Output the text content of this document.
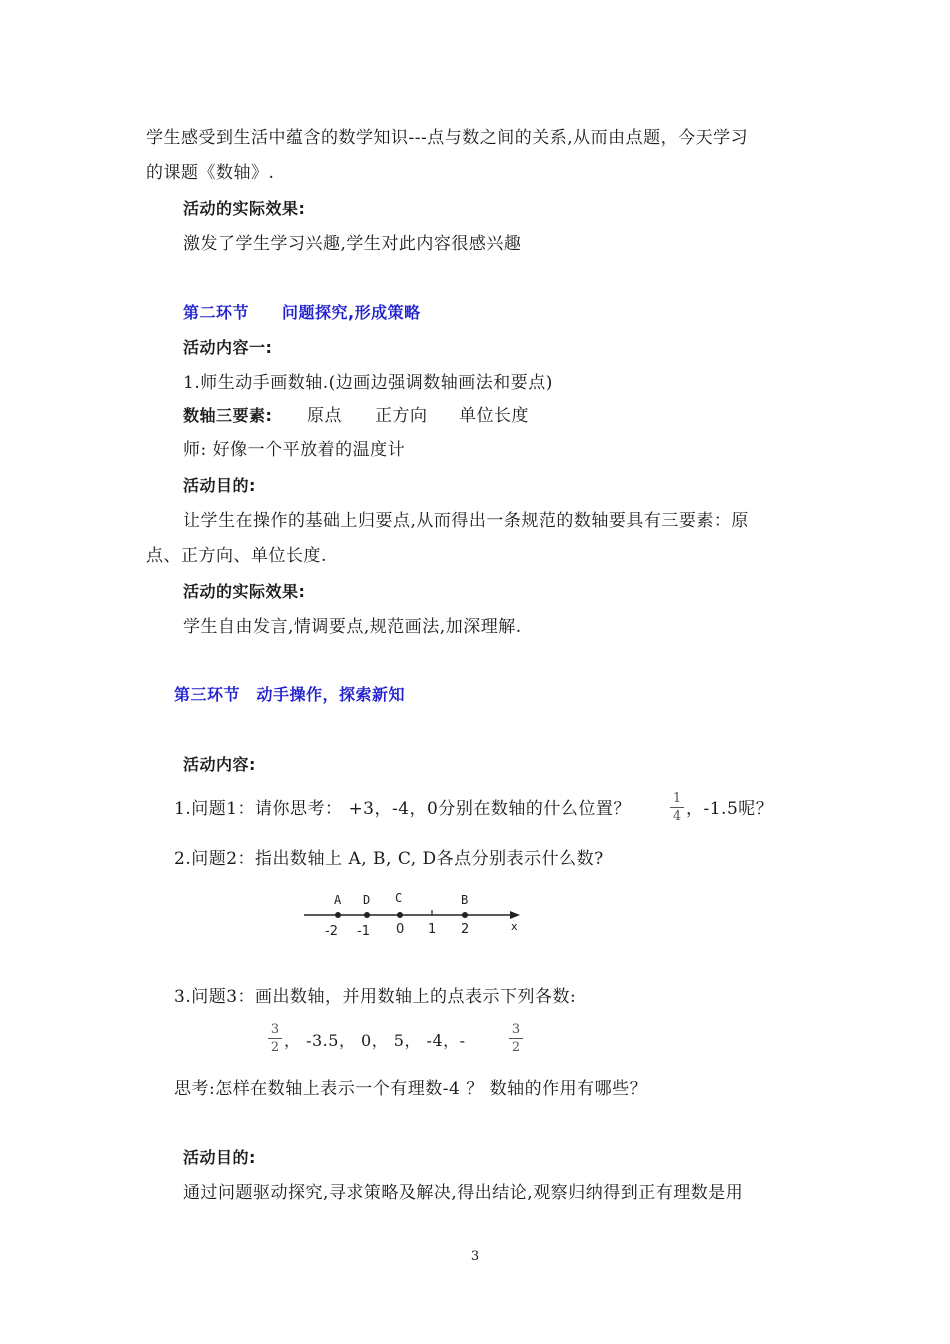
学生感受到生活中蕴含的数学知识---点与数之间的关系,从而由点题，今天学习
的课题《数轴》.
活动的实际效果:
激发了学生学习兴趣,学生对此内容很感兴趣
第二环节　　问题探究,形成策略
活动内容一:
1.师生动手画数轴.(边画边强调数轴画法和要点)
数轴三要素: 原点 正方向 单位长度
师: 好像一个平放着的温度计
活动目的:
让学生在操作的基础上归要点,从而得出一条规范的数轴要具有三要素：原
点、正方向、单位长度.
活动的实际效果:
学生自由发言,情调要点,规范画法,加深理解.
第三环节　动手操作，探索新知
活动内容:
1.问题1：请你思考： +3，-4，0分别在数轴的什么位置？
1
4 ，-1.5呢？
2.问题2：指出数轴上 A, B, C, D各点分别表示什么数?
A D C	B
-2 -1 0 1 2	x
3.问题3：画出数轴，并用数轴上的点表示下列各数:
3
2 ， -3.5， 0， 5， -4，-
3
2
思考:怎样在数轴上表示一个有理数-4 ？ 数轴的作用有哪些？
活动目的:
通过问题驱动探究,寻求策略及解决,得出结论,观察归纳得到正有理数是用
3
